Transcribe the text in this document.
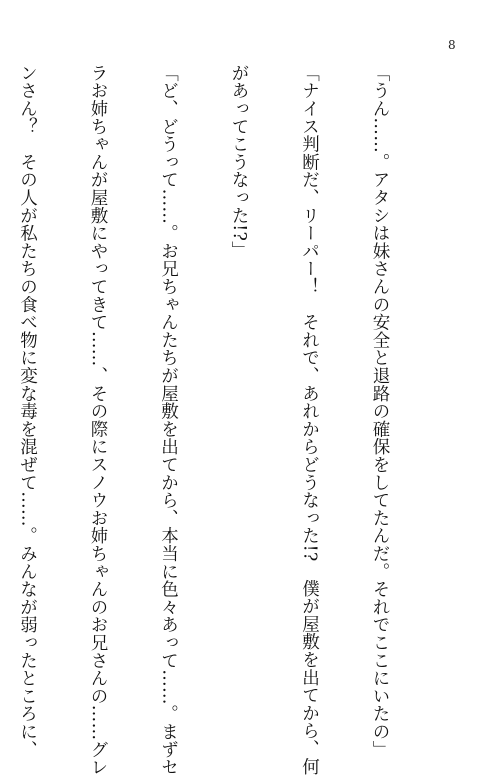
8

「うん……。アタシは妹さんの安全と退路の確保をしてたんだ。それでここにいたの」

「ナイス判断だ、リーパー！　それで、あれからどうなった!?　僕が屋敷を出てから、何

があってこうなった!?」

「ど、どうって……。お兄ちゃんたちが屋敷を出てから、本当に色々あって……。まずセ

ラお姉ちゃんが屋敷にやってきて……、その際にスノウお姉ちゃんのお兄さんの……グレ

ンさん？　その人が私たちの食べ物に変な毒を混ぜて……。みんなが弱ったところに、
